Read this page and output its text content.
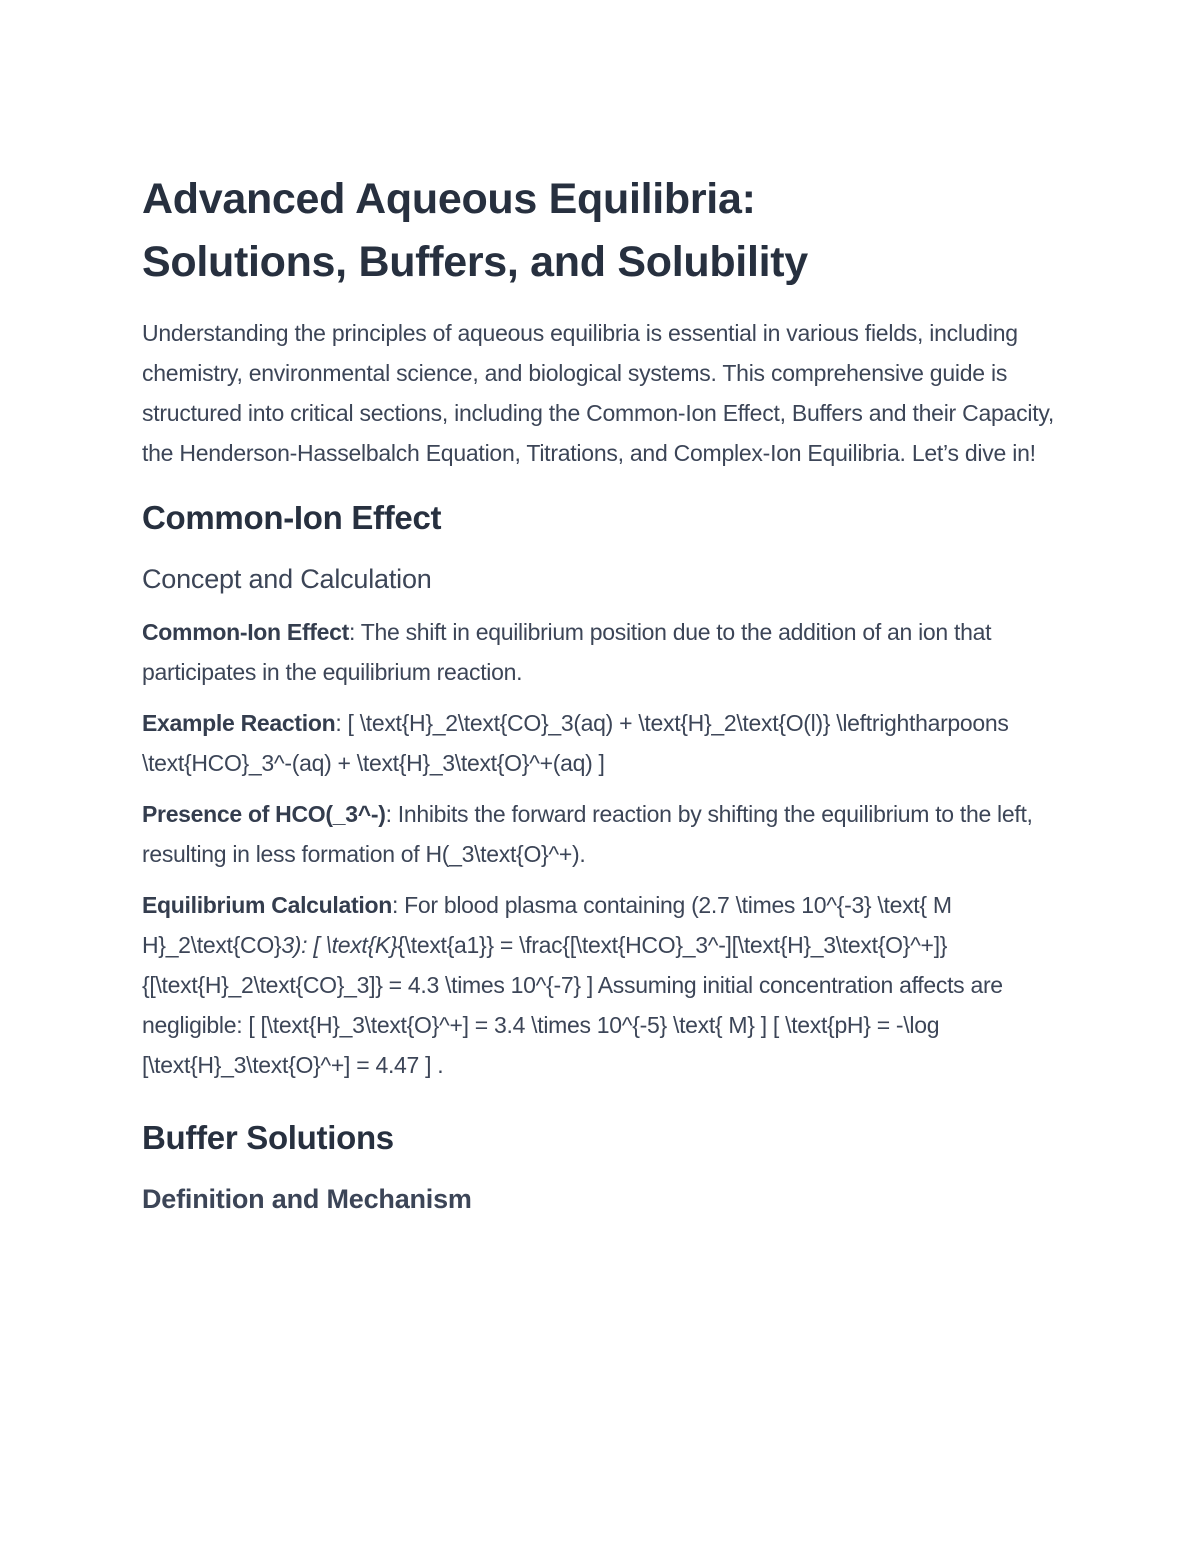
Advanced Aqueous Equilibria:
Solutions, Buffers, and Solubility

Understanding the principles of aqueous equilibria is essential in various fields, including chemistry, environmental science, and biological systems. This comprehensive guide is structured into critical sections, including the Common-Ion Effect, Buffers and their Capacity, the Henderson-Hasselbalch Equation, Titrations, and Complex-Ion Equilibria. Let’s dive in!

Common-Ion Effect
Concept and Calculation

Common-Ion Effect: The shift in equilibrium position due to the addition of an ion that participates in the equilibrium reaction.

Example Reaction: [ \text{H}_2\text{CO}_3(aq) + \text{H}_2\text{O(l)} \leftrightharpoons \text{HCO}_3^-(aq) + \text{H}_3\text{O}^+(aq) ]

Presence of HCO(_3^-): Inhibits the forward reaction by shifting the equilibrium to the left, resulting in less formation of H(_3\text{O}^+).

Equilibrium Calculation: For blood plasma containing (2.7 \times 10^{-3} \text{ M H}_2\text{CO}3): [ \text{K}{\text{a1}} = \frac{[\text{HCO}_3^-][\text{H}_3\text{O}^+]}{[\text{H}_2\text{CO}_3]} = 4.3 \times 10^{-7} ] Assuming initial concentration affects are negligible: [ [\text{H}_3\text{O}^+] = 3.4 \times 10^{-5} \text{ M} ] [ \text{pH} = -\log [\text{H}_3\text{O}^+] = 4.47 ] .

Buffer Solutions
Definition and Mechanism
